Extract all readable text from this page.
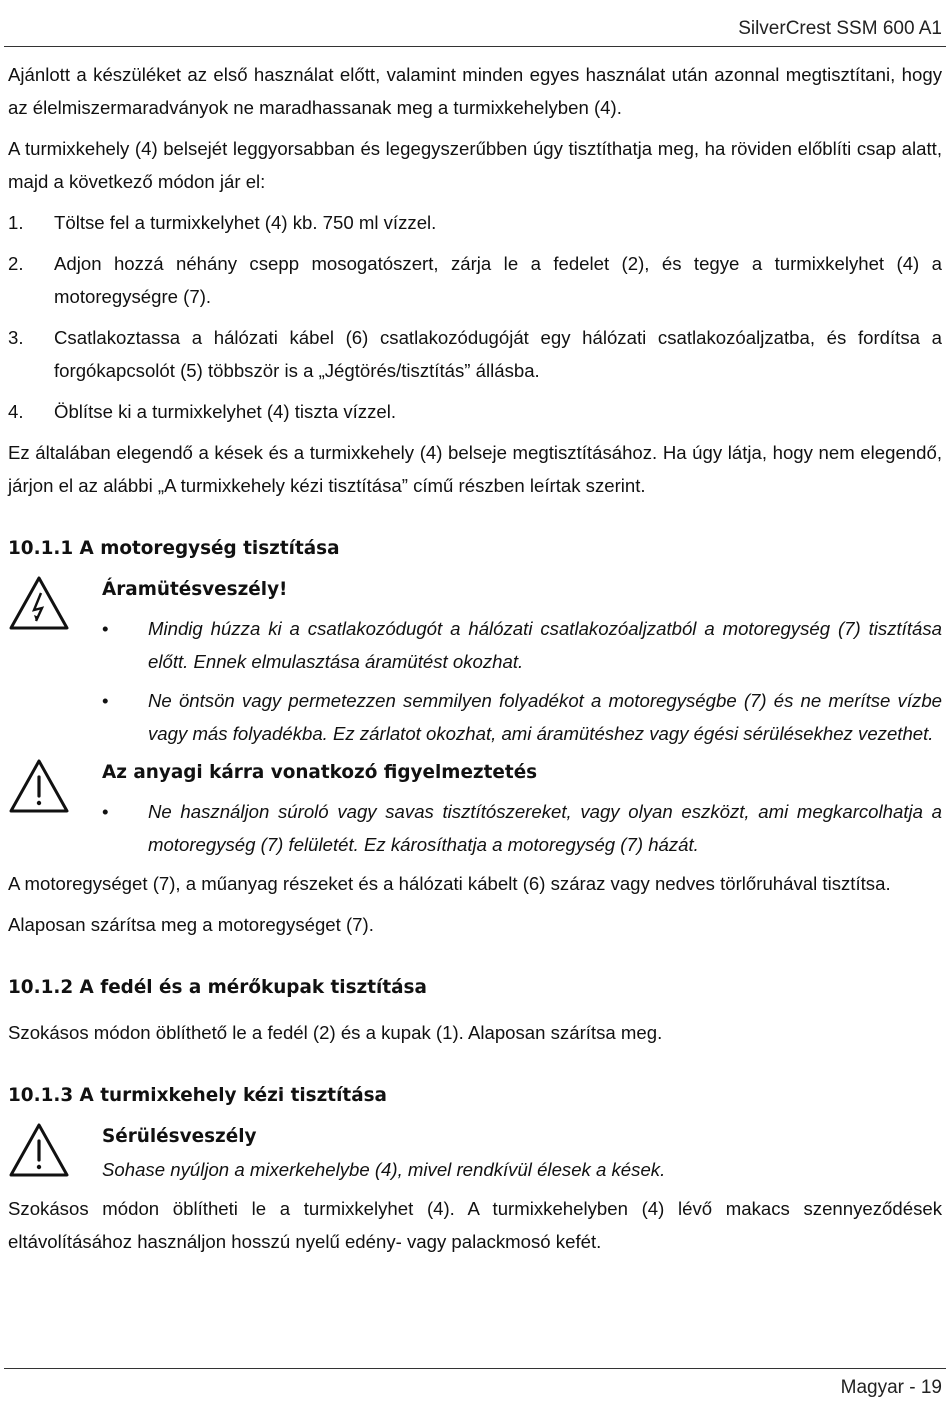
SilverCrest SSM 600 A1

Ajánlott a készüléket az első használat előtt, valamint minden egyes használat után azonnal megtisztítani, hogy az élelmiszermaradványok ne maradhassanak meg a turmixkehelyben (4).

A turmixkehely (4) belsejét leggyorsabban és legegyszerűbben úgy tisztíthatja meg, ha röviden előblíti csap alatt, majd a következő módon jár el:

1.	Töltse fel a turmixkelyhet (4) kb. 750 ml vízzel.
2.	Adjon hozzá néhány csepp mosogatószert, zárja le a fedelet (2), és tegye a turmixkelyhet (4) a motoregységre (7).
3.	Csatlakoztassa a hálózati kábel (6) csatlakozódugóját egy hálózati csatlakozóaljzatba, és fordítsa a forgókapcsolót (5) többször is a „Jégtörés/tisztítás” állásba.
4.	Öblítse ki a turmixkelyhet (4) tiszta vízzel.

Ez általában elegendő a kések és a turmixkehely (4) belseje megtisztításához. Ha úgy látja, hogy nem elegendő, járjon el az alábbi „A turmixkehely kézi tisztítása” című részben leírtak szerint.

10.1.1 A motoregység tisztítása
Áramütésveszély!
•	Mindig húzza ki a csatlakozódugót a hálózati csatlakozóaljzatból a motoregység (7) tisztítása előtt. Ennek elmulasztása áramütést okozhat.
•	Ne öntsön vagy permetezzen semmilyen folyadékot a motoregységbe (7) és ne merítse vízbe vagy más folyadékba. Ez zárlatot okozhat, ami áramütéshez vagy égési sérülésekhez vezethet.
Az anyagi kárra vonatkozó figyelmeztetés
•	Ne használjon súroló vagy savas tisztítószereket, vagy olyan eszközt, ami megkarcolhatja a motoregység (7) felületét. Ez károsíthatja a motoregység (7) házát.

A motoregységet (7), a műanyag részeket és a hálózati kábelt (6) száraz vagy nedves törlőruhával tisztítsa.

Alaposan szárítsa meg a motoregységet (7).

10.1.2 A fedél és a mérőkupak tisztítása

Szokásos módon öblíthető le a fedél (2) és a kupak (1). Alaposan szárítsa meg.

10.1.3 A turmixkehely kézi tisztítása
Sérülésveszély
Sohase nyúljon a mixerkehelybe (4), mivel rendkívül élesek a kések.

Szokásos módon öblítheti le a turmixkelyhet (4). A turmixkehelyben (4) lévő makacs szennyeződések eltávolításához használjon hosszú nyelű edény- vagy palackmosó kefét.

Magyar - 19
